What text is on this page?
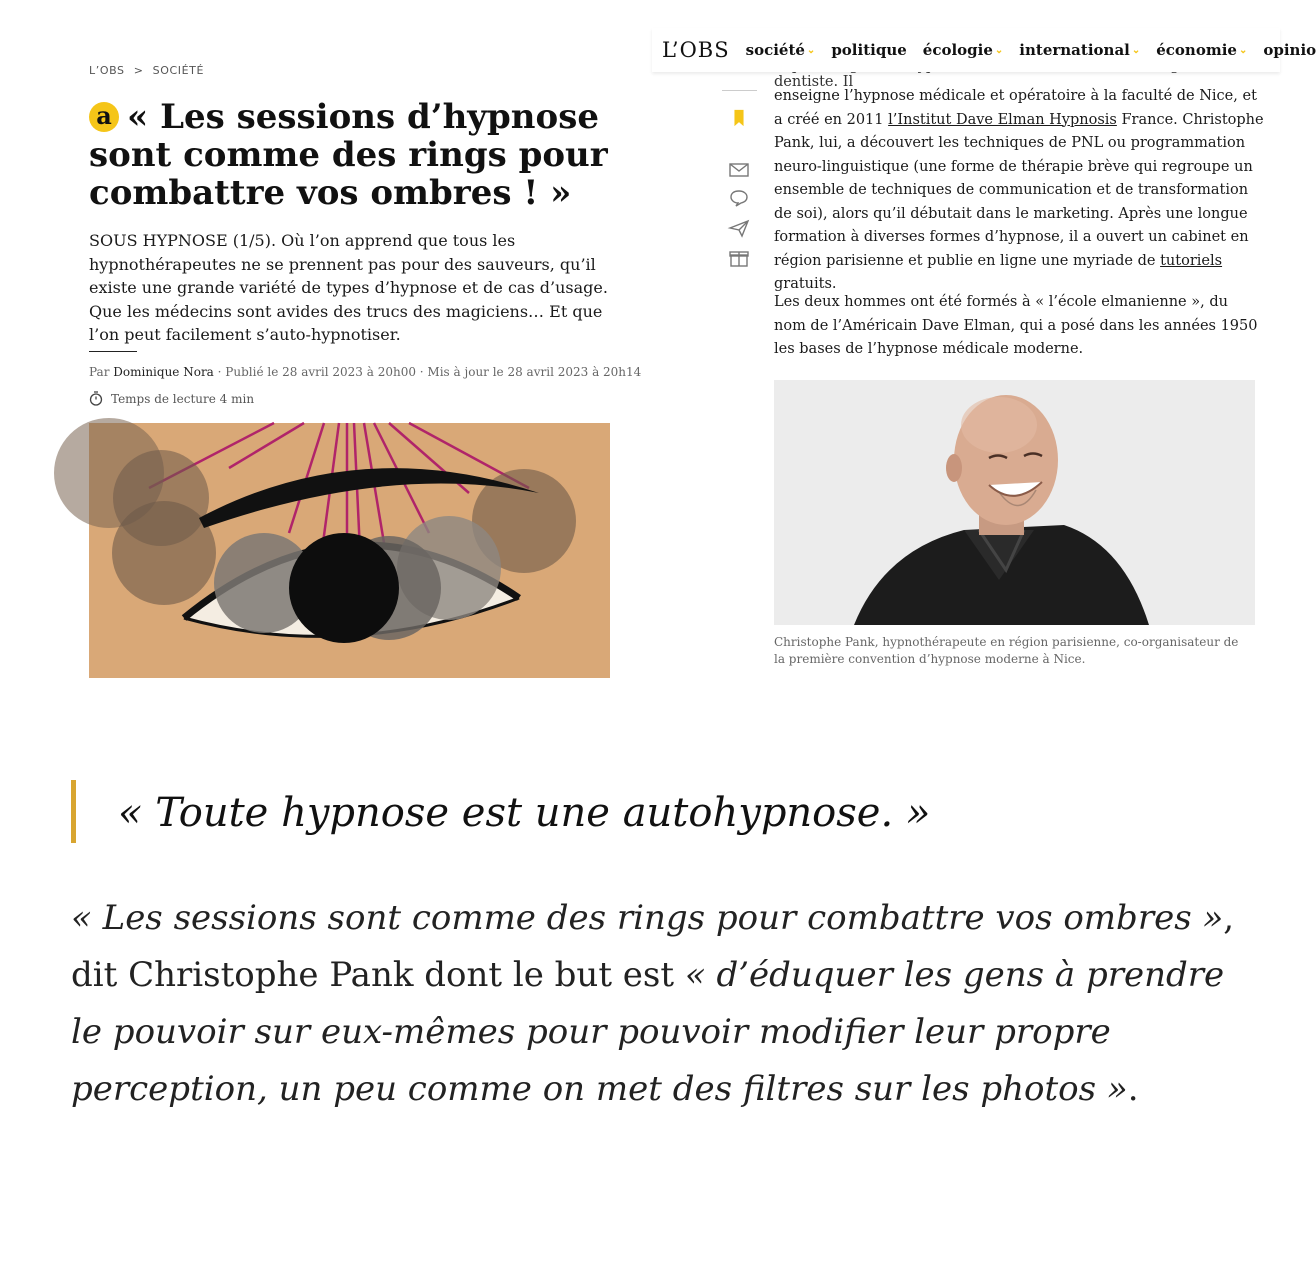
L’OBS > SOCIÉTÉ
a « Les sessions d’hypnose sont comme des rings pour combattre vos ombres ! »

SOUS HYPNOSE (1/5). Où l’on apprend que tous les hypnothérapeutes ne se prennent pas pour des sauveurs, qu’il existe une grande variété de types d’hypnose et de cas d’usage. Que les médecins sont avides des trucs des magiciens… Et que l’on peut facilement s’auto-hypnotiser.

Par Dominique Nora · Publié le 28 avril 2023 à 20h00 · Mis à jour le 28 avril 2023 à 20h14
Temps de lecture 4 min
dentiste. Il
L’OBS société ⌄ politique écologie ⌄ international ⌄ économie ⌄ opinio

enseigne l’hypnose médicale et opératoire à la faculté de Nice, et a créé en 2011 l’Institut Dave Elman Hypnosis France. Christophe Pank, lui, a découvert les techniques de PNL ou programmation neuro-linguistique (une forme de thérapie brève qui regroupe un ensemble de techniques de communication et de transformation de soi), alors qu’il débutait dans le marketing. Après une longue formation à diverses formes d’hypnose, il a ouvert un cabinet en région parisienne et publie en ligne une myriade de tutoriels gratuits.

Les deux hommes ont été formés à « l’école elmanienne », du nom de l’Américain Dave Elman, qui a posé dans les années 1950 les bases de l’hypnose médicale moderne.

Christophe Pank, hypnothérapeute en région parisienne, co-organisateur de la première convention d’hypnose moderne à Nice.

« Toute hypnose est une autohypnose. »

« Les sessions sont comme des rings pour combattre vos ombres », dit Christophe Pank dont le but est « d’éduquer les gens à prendre le pouvoir sur eux-mêmes pour pouvoir modifier leur propre perception, un peu comme on met des filtres sur les photos ».
